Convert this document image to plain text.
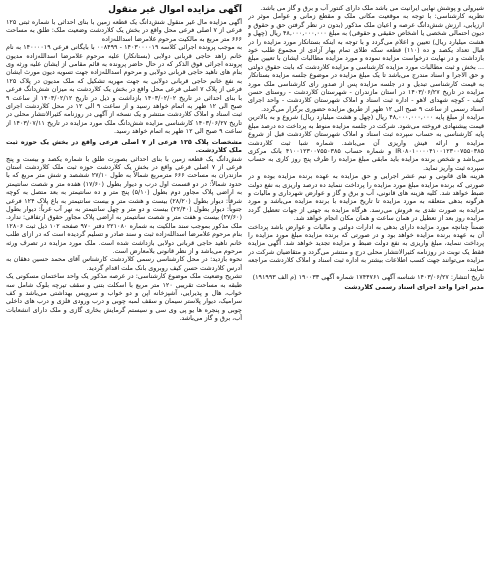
آگهی مزایده اموال غیر منقول

آگهی مزایده مال غیر منقول شش‌دانگ یک قطعه زمین با بنای احداثی با شماره ثبتی ۱۲۵ فرعی از ۷ اصلی فرعی محل واقع در بخش یک کلاردشت وضعیت ملک: طلق به مساحت ۶۶۶ متر مربع به مالکیت مرحوم غلامرضا اسدالله‌زاده

به موجب پرونده اجرائی کلاسه ۱۴۰۳۰۰۰۰۱۹ - ۰۰۸۴۹۹ با بایگانی فرعی ۱۴۰۰۰۰۱۹ به نام خانم زاهد حاجی قربانی دولابی (بستانکار) علیه مرحوم غلامرضا اسدالله‌زاده مدیون پرونده اجرائی فوق الذکر که در حال حاضر پرونده به قائم مقامی از ایشان علیه ورثه وی بنام های ناهید حاجی قربانی دولابی و مرحوم اسدالله‌زاده جهت تسویه دیون مورث ایشان به نفع خانم حاجی قربانی دولابی به جهت مهریه تشکیل که ملک مدیون در پلاک ۱۲۵ فرعی از پلاک ۷ اصلی فرعی محل واقع در بخش یک کلاردشت به میزان شش‌دانگ فرعی با بنای احداثی در تاریخ ۱۴۰۳/۰۲/۰۲ بازداشت و ذیل در تاریخ ۱۴۰۳/۰۲/۱۲ از ساعت ۹ صبح الی ۱۲ ظهر به اتمام خواهد رسید و از ساعت ۹ الی ۱۲ در محل کلاردشت اجرای ثبت اسناد و املاک کلاردشت منتشر و یک نسخه از آگهی در روزنامه کثیرالانتشار محلی در تاریخ ۱۴۰۳/۰۶/۲۷ کارشناسی مزایده شش‌دانگ ملک مورد مزایده در تاریخ ۱۴۰۳/۰۷/۱۱ از ساعت ۹ صبح الی ۱۲ ظهر به اتمام خواهد رسید.

مشخصات پلاک ۱۲۵ فرعی از ۷ اصلی فرعی واقع در بخش یک حوزه ثبت ملک کلاردشت.

شش‌دانگ یک قطعه زمین با بنای احداثی بصورت طلق با شماره یکصد و بیست و پنج فرعی از ۷ اصلی فرعی واقع در بخش یک کلاردشت حوزه ثبت ملک کلاردشت استان مازندران به مساحت ۶۶۶ مترمربع شمالاً به طول ۲۷/۱۰ ششصد و شش متر مربع که با حدود شمالاً: در دو قسمت اول درب و دیوار بطول (۱۷/۶۰) هفده متر و شصت سانتیمتر به اراضی پلاک مجاور دوم بطول (۵/۱۰) پنج متر و ده سانتیمتر به بعد متصل به کوچه شرقاً: دیوار بطول (۲۸/۲۰) بیست و هشت متر و بیست سانتیمتر به باغ پلاک ۱۲۴ فرعی جنوباً: دیوار بطول (۲۲/۴۰) بیست و دو متر و چهل سانتیمتر به نهر آب غرباً: دیوار بطول (۲۷/۶۰) بیست و هفت متر و شصت سانتیمتر به اراضی پلاک مجاور حقوق ارتفاقی: ندارد. ملک مذکور بموجب سند مالکیت به شماره ۲۲۱۰۸۰ دفتر ۹۷۰ صفحه ۱۰۲ ذیل ثبت ۱۲۸۰۶ بنام مرحوم غلامرضا اسدالله‌زاده ثبت و سند صادر و تسلیم گردیده است که در ازای طلب خانم ناهید حاجی قربانی دولابی بازداشت شده است. ملک مورد مزایده در تصرف ورثه مرحوم می‌باشد و از نظر قانونی بلامعارض است.

نحوه بازدید: در محل کارشناسی رسمی کلاردشت کارشناس آقای محمد حسین دهقان به آدرس کلاردشت حسن کیف روبروی بانک ملت اقدام گردید.

تشریح وضعیت ملک موضوع کارشناسی: در عرصه مذکور یک واحد ساختمان مسکونی یک طبقه به مساحت تقریبی ۱۲۰ متر مربع با اسکلت بتنی و سقف تیرچه بلوک شامل سه خواب، هال و پذیرایی، آشپزخانه اپن و دو خواب و سرویس بهداشتی می‌باشد و کف سرامیک، دیوار پلاستر سیمان و سقف لمبه چوبی و درب ورودی فلزی و درب های داخلی چوبی و پنجره ها یو پی وی سی و سیستم گرمایش بخاری گازی و ملک دارای انشعابات آب، برق و گاز می‌باشد.

شیرولی و پوشش نهایی ایرانیت می باشد ملک دارای کنتور آب و برق و گاز می باشد.

نظریه کارشناسی: با توجه به موقعیت مکانی ملک و مقطع زمانی و عوامل موثر در ارزیابی، ارزش شش‌دانگ عرصه و اعیان ملک مذکور (بدون در نظر گرفتن حق و حقوق و دیون احتمالی شخصی یا اشخاص حقیقی و حقوقی) به مبلغ ۴۸,۰۰۰,۰۰۰,۰۰۰ ریال (چهل و هشت میلیارد ریال) تعیین و اعلام می‌گردد و با توجه به اینکه بستانکار مورد مزایده را در قبال تعداد یکصد و ده (۱۱۰) قطعه سکه طلای تمام بهار آزادی از مجموع طلب خود بازداشت و در نهایت درخواست مزایده نموده و مورد مزایده مطالبات ایشان با تعیین مبلغ ... بخش و ثبت مطالبات مورد مزایده کارشناسی و مزایده کلاردشت که بابت حقوق دولتی و حق الاجرا و اسناد مندرج می‌باشد تا یک مبلغ مزایده در موضوع جلسه مزایده بستانکار به قیمت کارشناسی تبدیل و در جلسه مزایده پس از صدور رای کارشناسی ملک مورد مزایده در تاریخ ۱۴۰۳/۰۶/۲۷ در استان مازندران - شهرستان کلاردشت - روستای حسن کیف - کوچه شهدای لاهو - اداره ثبت اسناد و املاک شهرستان کلاردشت - واحد اجرای اسناد رسمی از ساعت ۹ صبح الی ۱۲ ظهر از طریق مزایده حضوری برگزار می‌گردد.

مزایده از مبلغ پایه ۴۸,۰۰۰,۰۰۰,۰۰۰ ریال (چهل و هشت میلیارد ریال) شروع و به بالاترین قیمت پیشنهادی فروخته می‌شود. شرکت در جلسه مزایده منوط به پرداخت ده درصد مبلغ پایه کارشناسی به حساب سپرده ثبت اسناد و املاک شهرستان کلاردشت قبل از شروع مزایده و ارائه فیش واریزی آن می‌باشد. شماره شبا ثبت کلاردشت IR۰۸۰۱۰۰۰۰۴۱۰۰۱۲۳۰۰۷۵۵۰۳۸۵ و شماره حساب ۴۱۰۰۱۲۳۰۰۷۵۵۰۳۸۵ بانک مرکزی می‌باشد و شخص برنده مزایده باید مابقی مبلغ مزایده را ظرف پنج روز کاری به حساب سپرده ثبت واریز نماید.

هزینه های قانونی و نیم عشر اجرایی و حق مزایده به عهده برنده مزایده بوده و در صورتی که برنده مزایده مبلغ مورد مزایده را پرداخت ننماید ده درصد واریزی به نفع دولت ضبط خواهد شد. کلیه هزینه های قانونی، آب و برق و گاز و عوارض شهرداری و مالیات و هرگونه بدهی متعلقه به مورد مزایده تا تاریخ مزایده با برنده مزایده می‌باشد و مورد مزایده به صورت نقدی به فروش می‌رسد. هرگاه مزایده به جهتی از جهات تعطیل گردد مزایده روز بعد از تعطیل در همان ساعت و همان مکان انجام خواهد شد.

ضمناً چنانچه مورد مزایده دارای بدهی به ادارات دولتی و مالیات و عوارض باشد پرداخت آن به عهده برنده مزایده خواهد بود و در صورتی که برنده مزایده مبلغ مورد مزایده را پرداخت ننماید، مبلغ واریزی به نفع دولت ضبط و مزایده تجدید خواهد شد. آگهی مزایده فقط یک نوبت در روزنامه کثیرالانتشار محلی درج و منتشر می‌گردد و متقاضیان شرکت در مزایده می‌توانند جهت کسب اطلاعات بیشتر به اداره ثبت اسناد و املاک کلاردشت مراجعه نمایند.

تاریخ انتشار: ۱۴۰۳/۰۶/۲۷ شناسه آگهی ۱۷۴۴۷۶۱ شماره آگهی ۱۹۰۰۳۳ (م الف ۱۹۱۹۹۳)

مدیر اجرا واحد اجرای اسناد رسمی کلاردشت
